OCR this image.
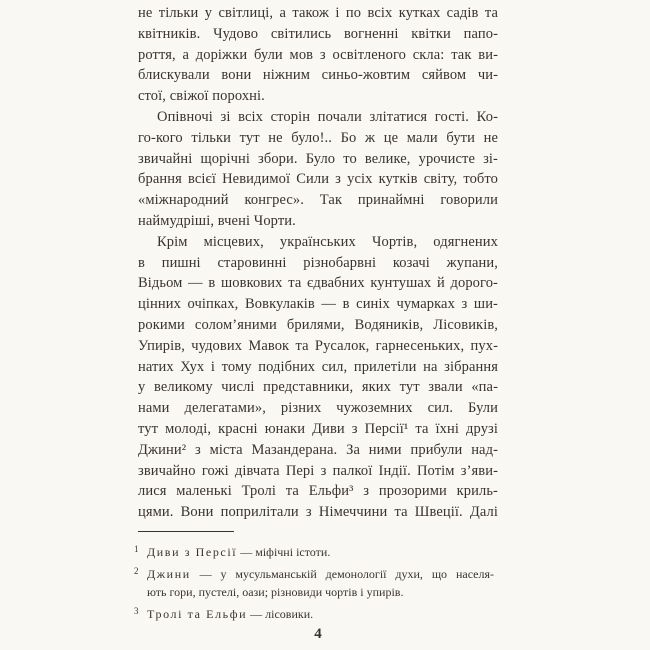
не тільки у світлиці, а також і по всіх кутках садів та
квітників. Чудово світились вогненні квітки папо-
роття, а доріжки були мов з освітленого скла: так ви-
блискували вони ніжним синьо-жовтим сяйвом чи-
стої, свіжої порохні.
Опівночі зі всіх сторін почали злітатися гості. Ко-
го-кого тільки тут не було!.. Бо ж це мали бути не
звичайні щорічні збори. Було то велике, урочисте зі-
брання всієї Невидимої Сили з усіх кутків світу, тобто
«міжнародний конгрес». Так принаймні говорили
наймудріші, вчені Чорти.
Крім місцевих, українських Чортів, одягнених
в пишні старовинні різнобарвні козачі жупани,
Відьом — в шовкових та єдвабних кунтушах й дорого-
цінних очіпках, Вовкулаків — в синіх чумарках з ши-
рокими солом’яними брилями, Водяників, Лісовиків,
Упирів, чудових Мавок та Русалок, гарнесеньких, пух-
натих Хух і тому подібних сил, прилетіли на зібрання
у великому числі представники, яких тут звали «па-
нами делегатами», різних чужоземних сил. Були
тут молоді, красні юнаки Диви з Персії¹ та їхні друзі
Джини² з міста Мазандерана. За ними прибули над-
звичайно гожі дівчата Пері з палкої Індії. Потім з’яви-
лися маленькі Тролі та Ельфи³ з прозорими криль-
цями. Вони поприлітали з Німеччини та Швеції. Далі
1 Диви з Персії — міфічні істоти.
2 Джини — у мусульманській демонології духи, що населя-
ють гори, пустелі, оази; різновиди чортів і упирів.
3 Тролі та Ельфи — лісовики.
4
